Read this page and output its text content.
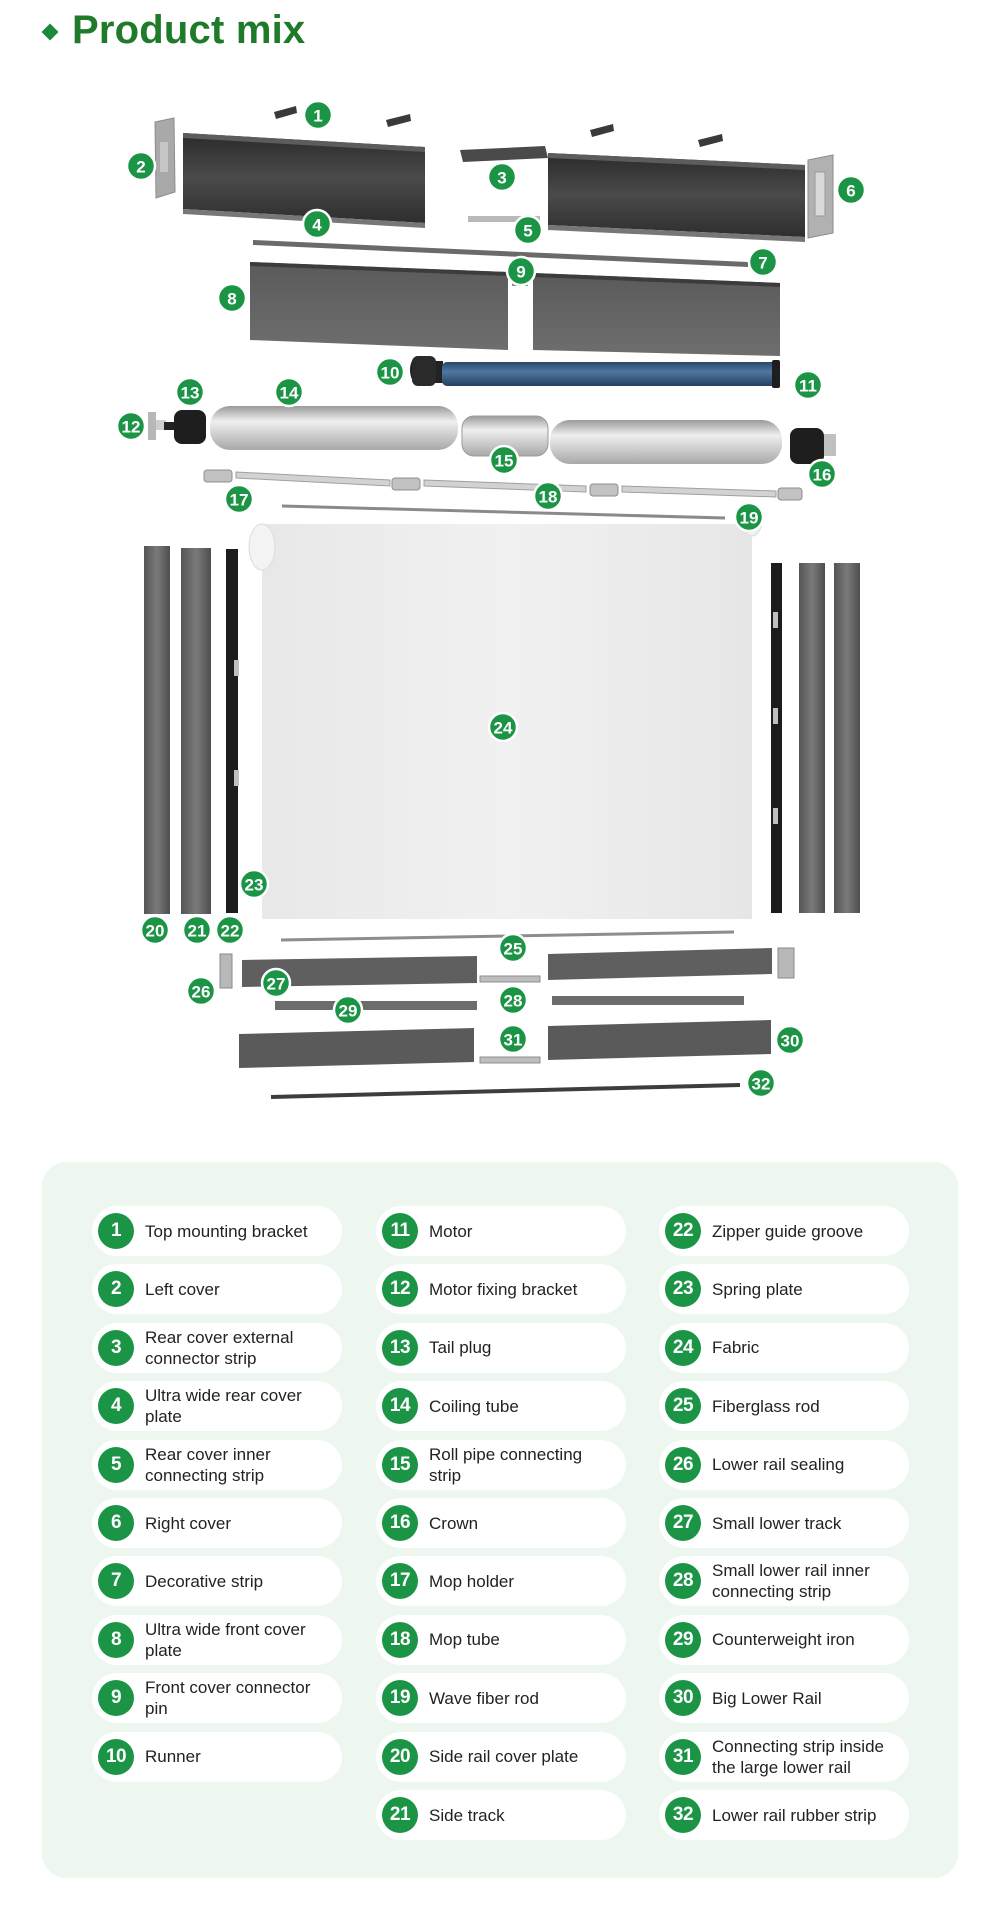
Product mix
1
2
3
4	5
6
7
8
9
10
11
12
13	14
15
16
17	18
19
20 21 22
23
24
25
26	27
28
29
30
31
32
1	Top mounting bracket
2	Left cover
3	Rear cover external connector strip
4	Ultra wide rear cover plate
5	Rear cover inner connecting strip
6	Right cover
7	Decorative strip
8	Ultra wide front cover plate
9	Front cover connector pin
10	Runner
11	Motor
12	Motor fixing bracket
13	Tail plug
14	Coiling tube
15	Roll pipe connecting strip
16	Crown
17	Mop holder
18	Mop tube
19	Wave fiber rod
20	Side rail cover plate
21	Side track
22	Zipper guide groove
23	Spring plate
24	Fabric
25	Fiberglass rod
26	Lower rail sealing
27	Small lower track
28	Small lower rail inner connecting strip
29	Counterweight iron
30	Big Lower Rail
31	Connecting strip inside the large lower rail
32	Lower rail rubber strip
